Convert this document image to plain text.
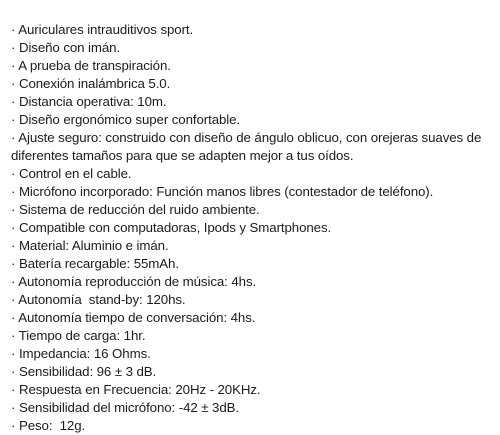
· Auriculares intrauditivos sport.
· Diseño con imán.
· A prueba de transpiración.
· Conexión inalámbrica 5.0.
· Distancia operativa: 10m.
· Diseño ergonómico super confortable.
· Ajuste seguro: construido con diseño de ángulo oblicuo, con orejeras suaves de diferentes tamaños para que se adapten mejor a tus oídos.
· Control en el cable.
· Micrófono incorporado: Función manos libres (contestador de teléfono).
· Sistema de reducción del ruido ambiente.
· Compatible con computadoras, Ipods y Smartphones.
· Material: Aluminio e imán.
· Batería recargable: 55mAh.
· Autonomía reproducción de música: 4hs.
· Autonomía  stand-by: 120hs.
· Autonomía tiempo de conversación: 4hs.
· Tiempo de carga: 1hr.
· Impedancia: 16 Ohms.
· Sensibilidad: 96 ± 3 dB.
· Respuesta en Frecuencia: 20Hz - 20KHz.
· Sensibilidad del micrófono: -42 ± 3dB.
· Peso:  12g.
